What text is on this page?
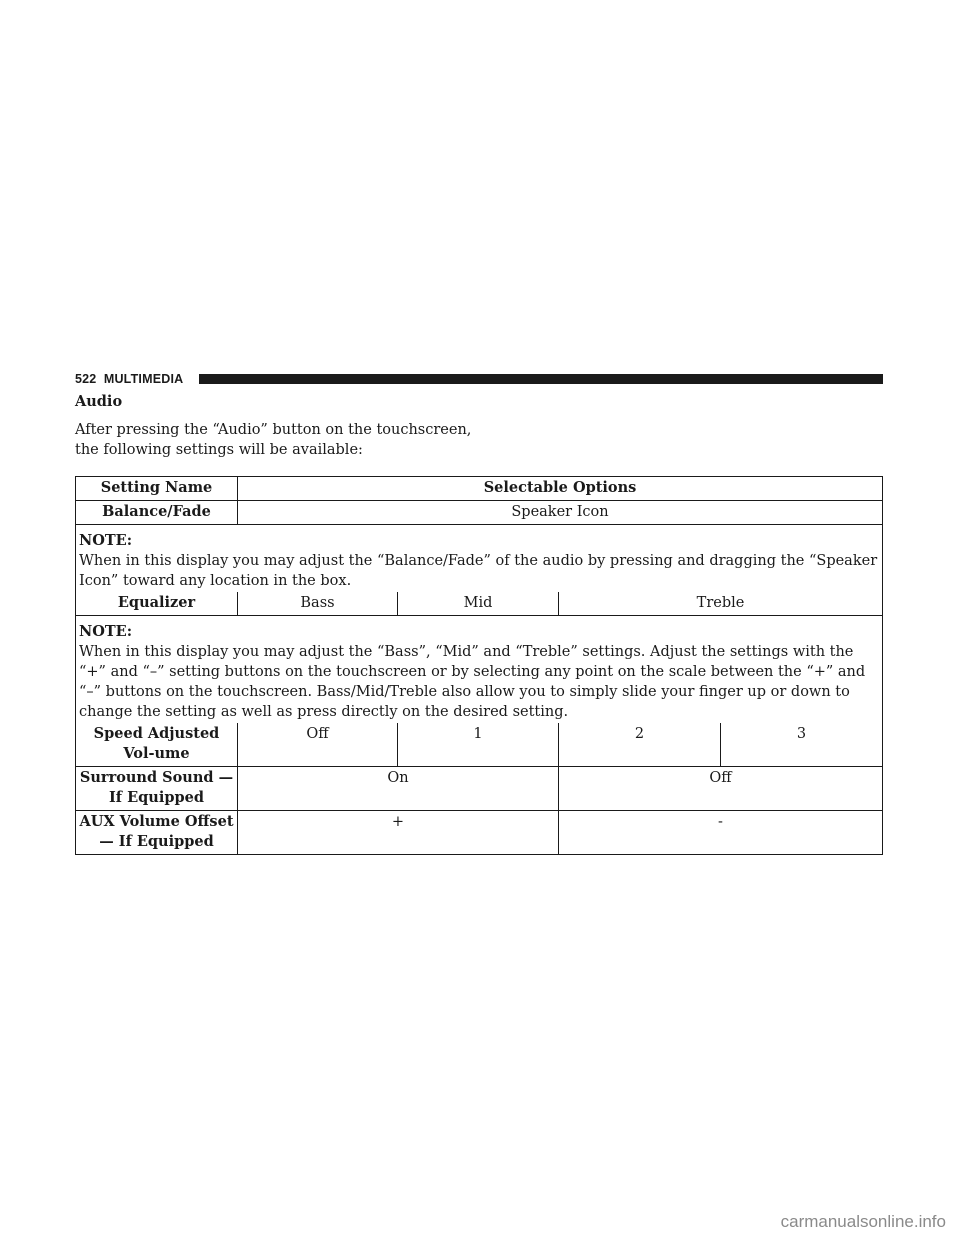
522 MULTIMEDIA
Audio
After pressing the “Audio” button on the touchscreen, the following settings will be available:
Setting Name	Selectable Options			
Balance/Fade	Speaker Icon			

NOTE:
When in this display you may adjust the “Balance/Fade” of the audio by pressing and dragging the “Speaker Icon” toward any location in the box.				
Equalizer	Bass	Mid	Treble	

NOTE:
When in this display you may adjust the “Bass”, “Mid” and “Treble” settings. Adjust the settings with the “+” and “–” setting buttons on the touchscreen or by selecting any point on the scale between the “+” and “–” buttons on the touchscreen. Bass/Mid/Treble also allow you to simply slide your finger up or down to change the setting as well as press directly on the desired setting.				
Speed Adjusted Vol-ume	Off	1	2	3
Surround Sound — If Equipped	On		Off	
AUX Volume Offset — If Equipped	+		-	
carmanualsonline.info
